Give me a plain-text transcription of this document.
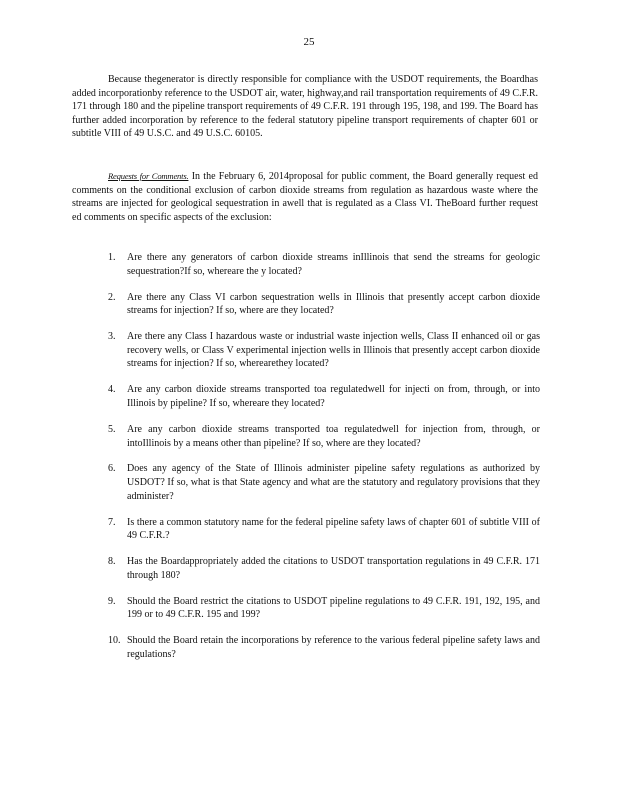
25

Because thegenerator is directly responsible for compliance with the USDOT requirements, the Boardhas added incorporationby reference to the USDOT air, water, highway,and rail transportation requirements of 49 C.F.R. 171 through 180 and the pipeline transport requirements of 49 C.F.R. 191 through 195, 198, and 199. The Board has further added incorporation by reference to the federal statutory pipeline transport requirements of chapter 601 or subtitle VIII of 49 U.S.C. and 49 U.S.C. 60105.

Requests for Comments. In the February 6, 2014proposal for public comment, the Board generally request ed comments on the conditional exclusion of carbon dioxide streams from regulation as hazardous waste where the streams are injected for geological sequestration in awell that is regulated as a Class VI. TheBoard further request ed comments on specific aspects of the exclusion:

1.	Are there any generators of carbon dioxide streams inIllinois that send the streams for geologic sequestration?If so, whereare the y located?
2.	Are there any Class VI carbon sequestration wells in Illinois that presently accept carbon dioxide streams for injection? If so, where are they located?
3.	Are there any Class I hazardous waste or industrial waste injection wells, Class II enhanced oil or gas recovery wells, or Class V experimental injection wells in Illinois that presently accept carbon dioxide streams for injection? If so, wherearethey located?
4.	Are any carbon dioxide streams transported toa regulatedwell for injecti on from, through, or into Illinois by pipeline? If so, whereare they located?
5.	Are any carbon dioxide streams transported toa regulatedwell for injection from, through, or intoIllinois by a means other than pipeline? If so, where are they located?
6.	Does any agency of the State of Illinois administer pipeline safety regulations as authorized by USDOT? If so, what is that State agency and what are the statutory and regulatory provisions that they administer?
7.	Is there a common statutory name for the federal pipeline safety laws of chapter 601 of subtitle VIII of 49 C.F.R.?
8.	Has the Boardappropriately added the citations to USDOT transportation regulations in 49 C.F.R. 171 through 180?
9.	Should the Board restrict the citations to USDOT pipeline regulations to 49 C.F.R. 191, 192, 195, and 199 or to 49 C.F.R. 195 and 199?
10. Should the Board retain the incorporations by reference to the various federal pipeline safety laws and regulations?
